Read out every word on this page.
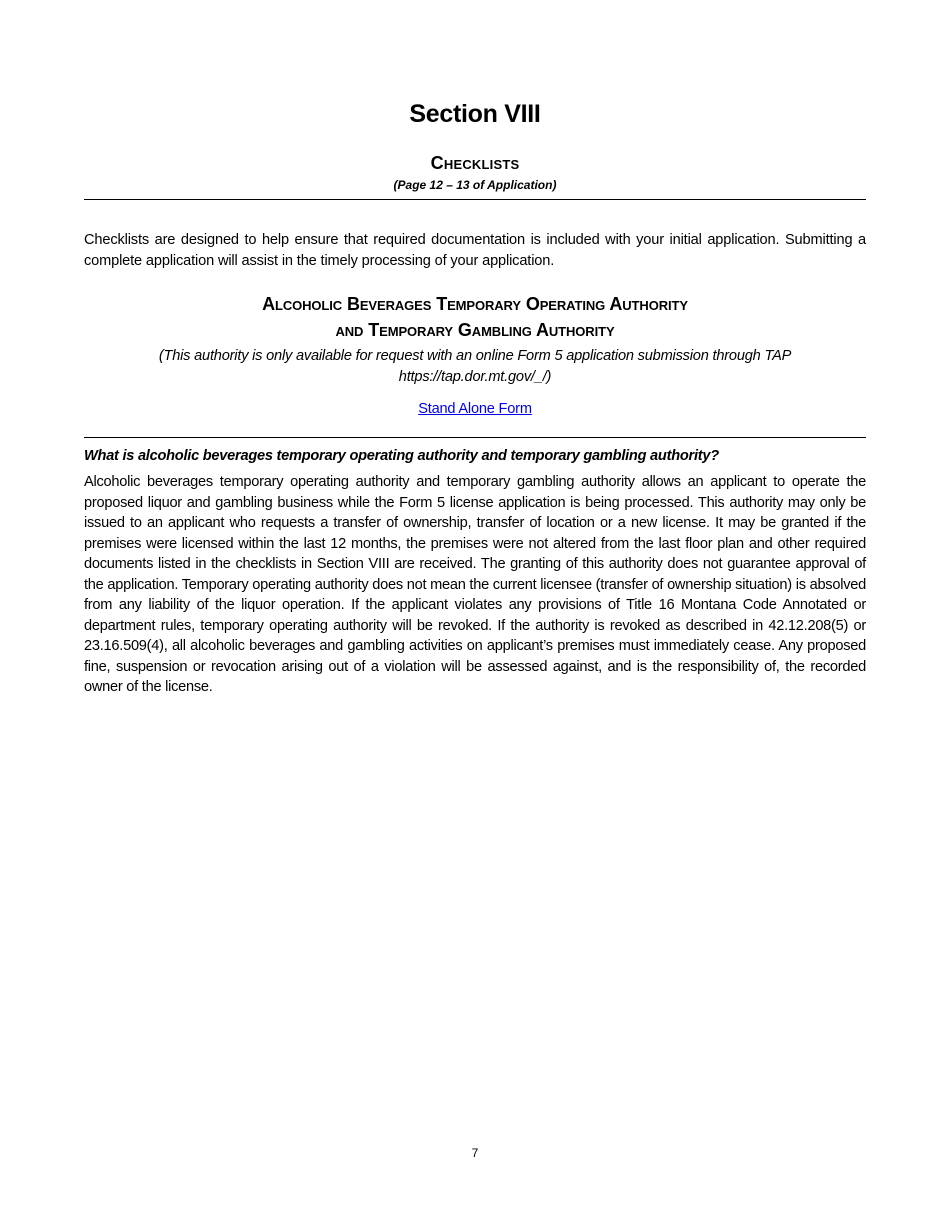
Section VIII
Checklists
(Page 12 – 13 of Application)
Checklists are designed to help ensure that required documentation is included with your initial application. Submitting a complete application will assist in the timely processing of your application.
Alcoholic Beverages Temporary Operating Authority
and Temporary Gambling Authority
(This authority is only available for request with an online Form 5 application submission through TAP
https://tap.dor.mt.gov/_/)
Stand Alone Form
What is alcoholic beverages temporary operating authority and temporary gambling authority?
Alcoholic beverages temporary operating authority and temporary gambling authority allows an applicant to operate the proposed liquor and gambling business while the Form 5 license application is being processed. This authority may only be issued to an applicant who requests a transfer of ownership, transfer of location or a new license. It may be granted if the premises were licensed within the last 12 months, the premises were not altered from the last floor plan and other required documents listed in the checklists in Section VIII are received. The granting of this authority does not guarantee approval of the application. Temporary operating authority does not mean the current licensee (transfer of ownership situation) is absolved from any liability of the liquor operation. If the applicant violates any provisions of Title 16 Montana Code Annotated or department rules, temporary operating authority will be revoked. If the authority is revoked as described in 42.12.208(5) or 23.16.509(4), all alcoholic beverages and gambling activities on applicant’s premises must immediately cease. Any proposed fine, suspension or revocation arising out of a violation will be assessed against, and is the responsibility of, the recorded owner of the license.
7
